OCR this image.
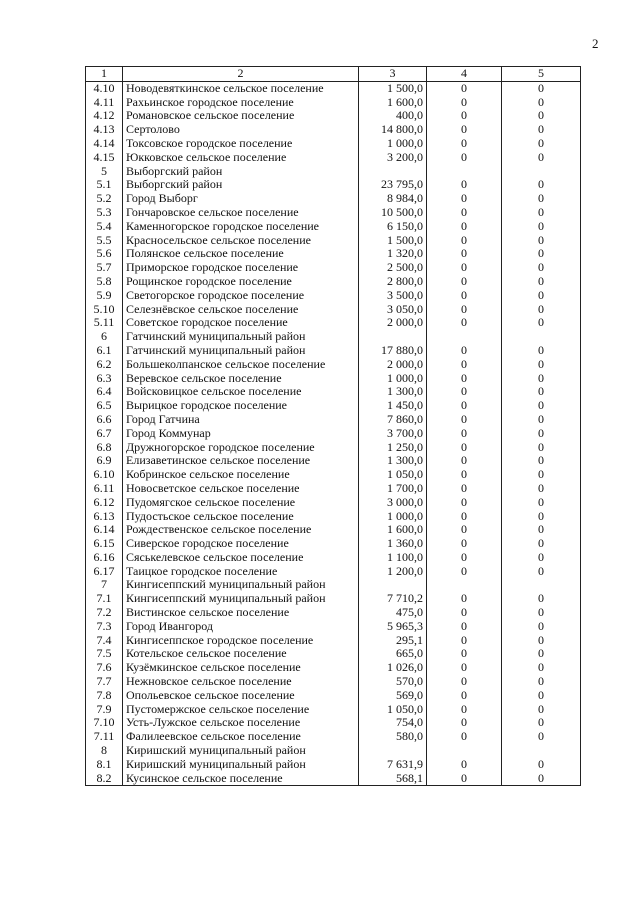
2
1	2	3	4	5
4.10	Новодевяткинское сельское поселение	1 500,0	0	0
4.11	Рахьинское городское поселение	1 600,0	0	0
4.12	Романовское сельское поселение	400,0	0	0
4.13	Сертолово	14 800,0	0	0
4.14	Токсовское городское поселение	1 000,0	0	0
4.15	Юкковское сельское поселение	3 200,0	0	0
5	Выборгский район			
5.1	Выборгский район	23 795,0	0	0
5.2	Город Выборг	8 984,0	0	0
5.3	Гончаровское сельское поселение	10 500,0	0	0
5.4	Каменногорское городское поселение	6 150,0	0	0
5.5	Красносельское сельское поселение	1 500,0	0	0
5.6	Полянское сельское поселение	1 320,0	0	0
5.7	Приморское городское поселение	2 500,0	0	0
5.8	Рощинское городское поселение	2 800,0	0	0
5.9	Светогорское городское поселение	3 500,0	0	0
5.10	Селезнёвское сельское поселение	3 050,0	0	0
5.11	Советское городское поселение	2 000,0	0	0
6	Гатчинский муниципальный район			
6.1	Гатчинский муниципальный район	17 880,0	0	0
6.2	Большеколпанское сельское поселение	2 000,0	0	0
6.3	Веревское сельское поселение	1 000,0	0	0
6.4	Войсковицкое сельское поселение	1 300,0	0	0
6.5	Вырицкое городское поселение	1 450,0	0	0
6.6	Город Гатчина	7 860,0	0	0
6.7	Город Коммунар	3 700,0	0	0
6.8	Дружногорское городское поселение	1 250,0	0	0
6.9	Елизаветинское сельское поселение	1 300,0	0	0
6.10	Кобринское сельское поселение	1 050,0	0	0
6.11	Новосветское сельское поселение	1 700,0	0	0
6.12	Пудомягское сельское поселение	3 000,0	0	0
6.13	Пудостьское сельское поселение	1 000,0	0	0
6.14	Рождественское сельское поселение	1 600,0	0	0
6.15	Сиверское городское поселение	1 360,0	0	0
6.16	Сяськелевское сельское поселение	1 100,0	0	0
6.17	Таицкое городское поселение	1 200,0	0	0
7	Кингисеппский муниципальный район			
7.1	Кингисеппский муниципальный район	7 710,2	0	0
7.2	Вистинское сельское поселение	475,0	0	0
7.3	Город Ивангород	5 965,3	0	0
7.4	Кингисеппское городское поселение	295,1	0	0
7.5	Котельское сельское поселение	665,0	0	0
7.6	Кузёмкинское сельское поселение	1 026,0	0	0
7.7	Нежновское сельское поселение	570,0	0	0
7.8	Опольевское сельское поселение	569,0	0	0
7.9	Пустомержское сельское поселение	1 050,0	0	0
7.10	Усть-Лужское сельское поселение	754,0	0	0
7.11	Фалилеевское сельское поселение	580,0	0	0
8	Киришский муниципальный район			
8.1	Киришский муниципальный район	7 631,9	0	0
8.2	Кусинское сельское поселение	568,1	0	0
